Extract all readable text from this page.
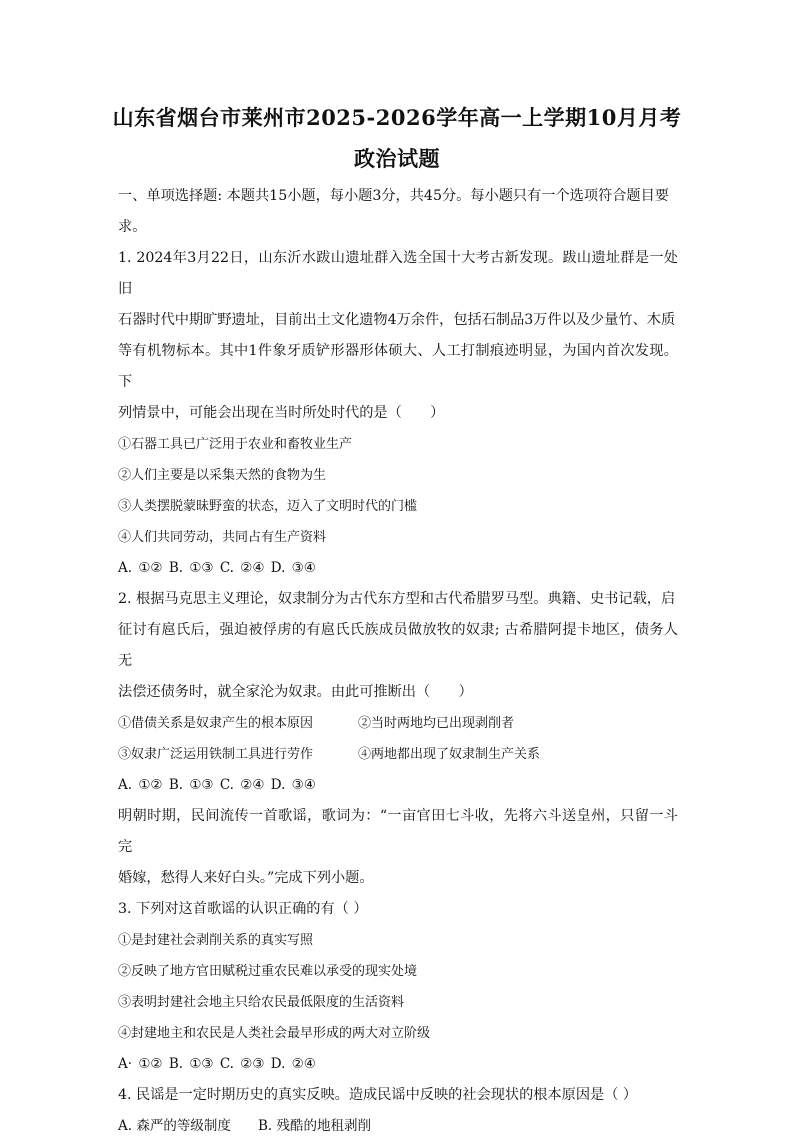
山东省烟台市莱州市2025-2026学年高一上学期10月月考
政治试题

一、单项选择题: 本题共15小题，每小题3分，共45分。每小题只有一个选项符合题目要

求。

1. 2024年3月22日，山东沂水跋山遗址群入选全国十大考古新发现。跋山遗址群是一处旧

石器时代中期旷野遗址，目前出土文化遗物4万余件，包括石制品3万件以及少量竹、木质

等有机物标本。其中1件象牙质铲形器形体硕大、人工打制痕迹明显，为国内首次发现。下

列情景中，可能会出现在当时所处时代的是（　　）

①石器工具已广泛用于农业和畜牧业生产

②人们主要是以采集天然的食物为生

③人类摆脱蒙昧野蛮的状态，迈入了文明时代的门槛

④人们共同劳动，共同占有生产资料

A. ①② B. ①③ C. ②④ D. ③④

2. 根据马克思主义理论，奴隶制分为古代东方型和古代希腊罗马型。典籍、史书记载，启

征讨有扈氏后，强迫被俘虏的有扈氏氏族成员做放牧的奴隶; 古希腊阿提卡地区，债务人无

法偿还债务时，就全家沦为奴隶。由此可推断出（　　）

①借债关系是奴隶产生的根本原因	②当时两地均已出现剥削者
③奴隶广泛运用铁制工具进行劳作	④两地都出现了奴隶制生产关系

A. ①② B. ①③ C. ②④ D. ③④

明朝时期，民间流传一首歌谣，歌词为：“一亩官田七斗收，先将六斗送皇州，只留一斗完

婚嫁，愁得人来好白头。”完成下列小题。

3. 下列对这首歌谣的认识正确的有（ ）

①是封建社会剥削关系的真实写照

②反映了地方官田赋税过重农民难以承受的现实处境

③表明封建社会地主只给农民最低限度的生活资料

④封建地主和农民是人类社会最早形成的两大对立阶级

A· ①② B. ①③ C. ②③ D. ②④

4. 民谣是一定时期历史的真实反映。造成民谣中反映的社会现状的根本原因是（ ）

A. 森严的等级制度	B. 残酷的地租剥削
